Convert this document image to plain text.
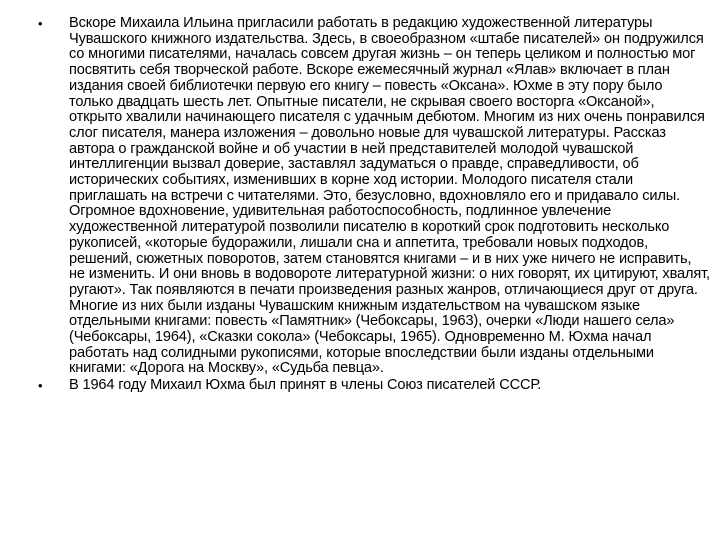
• Вскоре Михаила Ильина пригласили работать в редакцию художественной литературы Чувашского книжного издательства. Здесь, в своеобразном «штабе писателей» он подружился со многими писателями, началась совсем другая жизнь – он теперь целиком и полностью мог посвятить себя творческой работе. Вскоре ежемесячный журнал «Ялав» включает в план издания своей библиотечки первую его книгу – повесть «Оксана». Юхме в эту пору было только двадцать шесть лет. Опытные писатели, не скрывая своего восторга «Оксаной», открыто хвалили начинающего писателя с удачным дебютом. Многим из них очень понравился слог писателя, манера изложения – довольно новые для чувашской литературы. Рассказ автора о гражданской войне и об участии в ней представителей молодой чувашской интеллигенции вызвал доверие, заставлял задуматься о правде, справедливости, об исторических событиях, изменивших в корне ход истории. Молодого писателя стали приглашать на встречи с читателями. Это, безусловно, вдохновляло его и придавало силы. Огромное вдохновение, удивительная работоспособность, подлинное увлечение художественной литературой позволили писателю в короткий срок подготовить несколько рукописей, «которые будоражили, лишали сна и аппетита, требовали новых подходов, решений, сюжетных поворотов, затем становятся книгами – и в них уже ничего не исправить, не изменить. И они вновь в водовороте литературной жизни: о них говорят, их цитируют, хвалят, ругают». Так появляются в печати произведения разных жанров, отличающиеся друг от друга. Многие из них были изданы Чувашским книжным издательством на чувашском языке отдельными книгами: повесть «Памятник» (Чебоксары, 1963), очерки «Люди нашего села» (Чебоксары, 1964), «Сказки сокола» (Чебоксары, 1965). Одновременно М. Юхма начал работать над солидными рукописями, которые впоследствии были изданы отдельными книгами: «Дорога на Москву», «Судьба певца».
• В 1964 году Михаил Юхма был принят в члены Союз писателей СССР.
